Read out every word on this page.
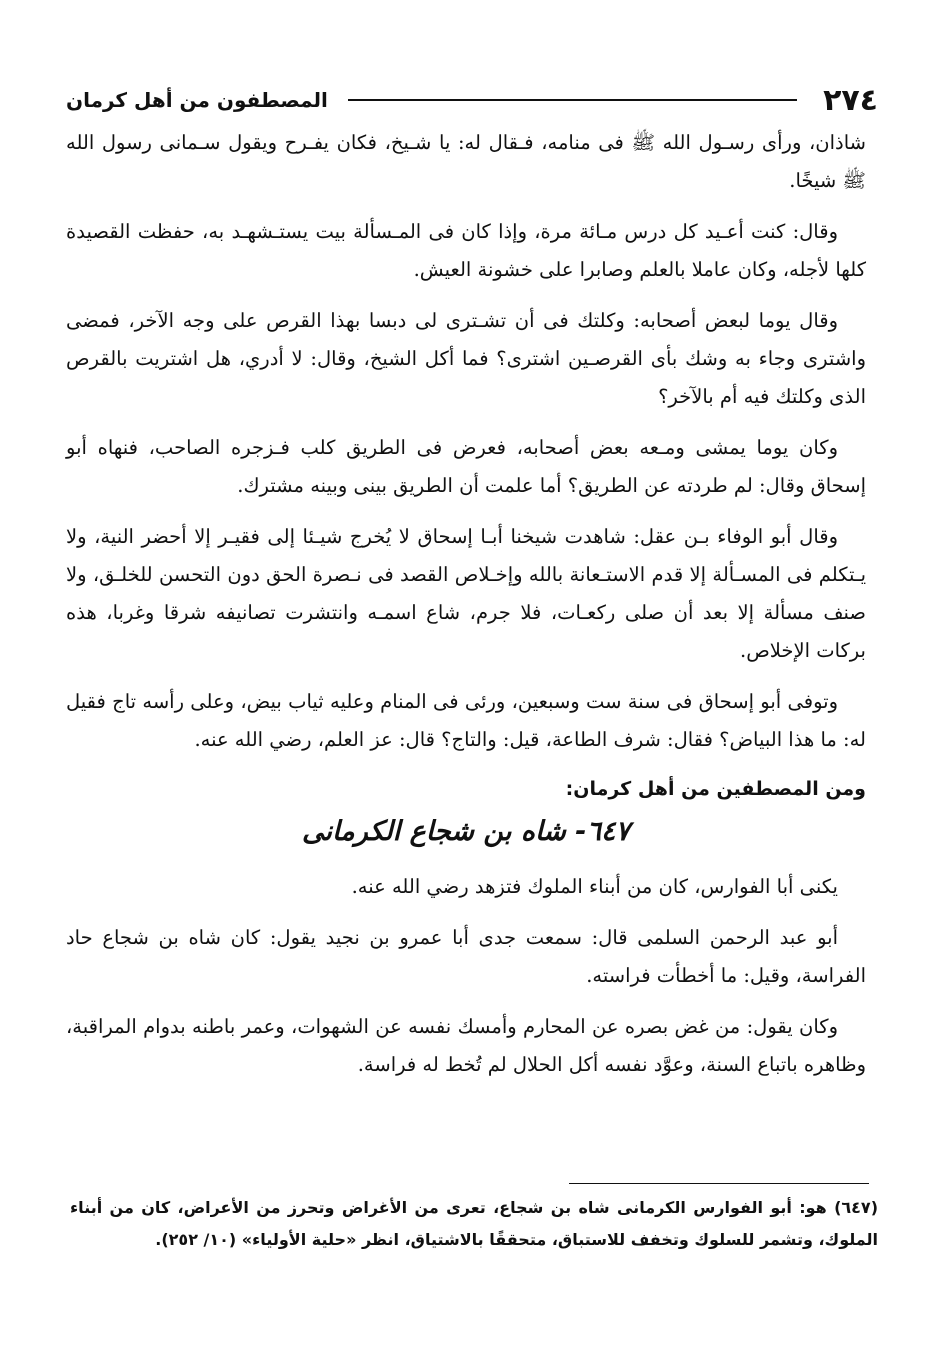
٢٧٤
المصطفون من أهل كرمان

شاذان، ورأى رسـول الله ﷺ فى منامه، فـقال له: يا شـيخ، فكان يفـرح ويقول سـمانى رسول الله ﷺ شيخًا.

وقال: كنت أعـيد كل درس مـائة مرة، وإذا كان فى المـسألة بيت يستـشهـد به، حفظت القصيدة كلها لأجله، وكان عاملا بالعلم وصابرا على خشونة العيش.

وقال يوما لبعض أصحابه: وكلتك فى أن تشـترى لى دبسا بهذا القرص على وجه الآخر، فمضى واشترى وجاء به وشك بأى القرصـين اشترى؟ فما أكل الشيخ، وقال: لا أدري، هل اشتريت بالقرص الذى وكلتك فيه أم بالآخر؟

وكان يوما يمشى ومـعه بعض أصحابه، فعرض فى الطريق كلب فـزجره الصاحب، فنهاه أبو إسحاق وقال: لم طردته عن الطريق؟ أما علمت أن الطريق بينى وبينه مشترك.

وقال أبو الوفاء بـن عقل: شاهدت شيخنا أبـا إسحاق لا يُخرج شيـئا إلى فقيـر إلا أحضر النية، ولا يـتكلم فى المسـألة إلا قدم الاستـعانة بالله وإخـلاص القصد فى نـصرة الحق دون التحسن للخلـق، ولا صنف مسألة إلا بعد أن صلى ركعـات، فلا جرم، شاع اسمـه وانتشرت تصانيفه شرقا وغربا، هذه بركات الإخلاص.

وتوفى أبو إسحاق فى سنة ست وسبعين، ورئى فى المنام وعليه ثياب بيض، وعلى رأسه تاج فقيل له: ما هذا البياض؟ فقال: شرف الطاعة، قيل: والتاج؟ قال: عز العلم، رضي الله عنه.

ومن المصطفين من أهل كرمان:
٦٤٧- شاه بن شجاع الكرمانى

يكنى أبا الفوارس، كان من أبناء الملوك فتزهد رضي الله عنه.

أبو عبد الرحمن السلمى قال: سمعت جدى أبا عمرو بن نجيد يقول: كان شاه بن شجاع حاد الفراسة، وقيل: ما أخطأت فراسته.

وكان يقول: من غض بصره عن المحارم وأمسك نفسه عن الشهوات، وعمر باطنه بدوام المراقبة، وظاهره باتباع السنة، وعوَّد نفسه أكل الحلال لم تُخط له فراسة.

(٦٤٧) هو: أبو الفوارس الكرمانى شاه بن شجاع، تعرى من الأغراض وتحرز من الأعراض، كان من أبناء الملوك، وتشمر للسلوك وتخفف للاستباق، متحققًا بالاشتياق، انظر «حلية الأولياء» (١٠/ ٢٥٢).
